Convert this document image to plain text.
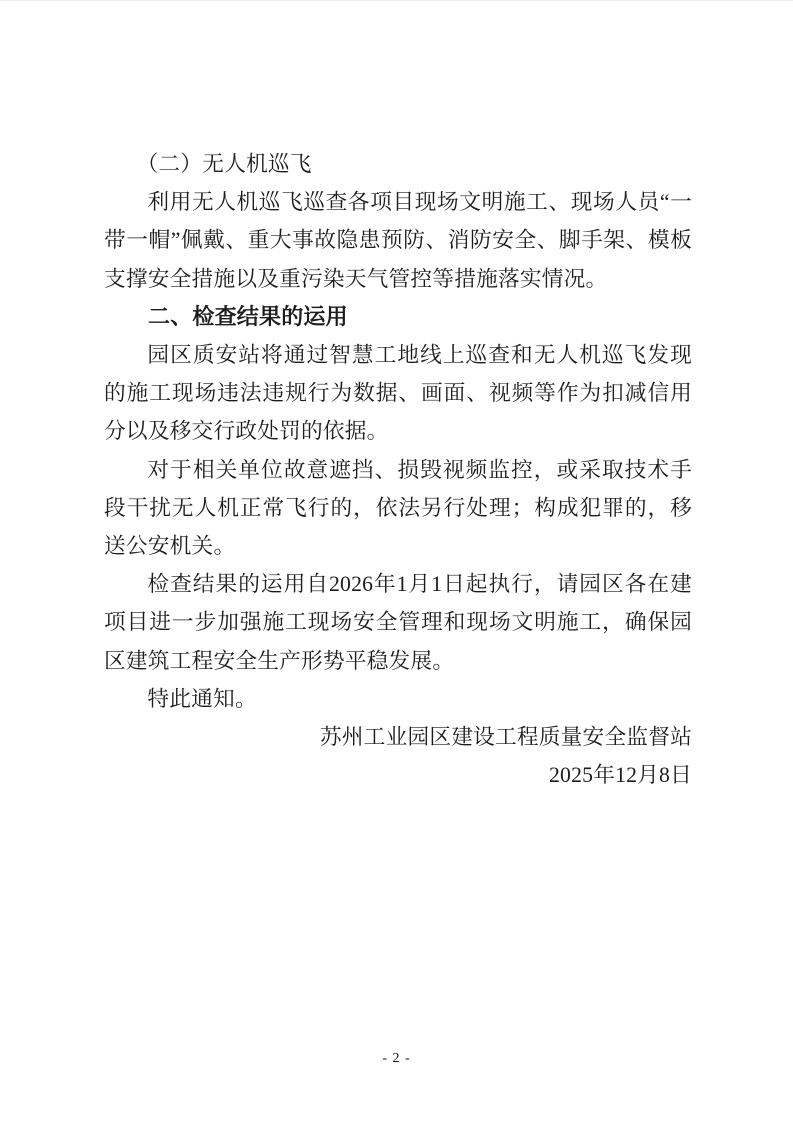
（二）无人机巡飞

利用无人机巡飞巡查各项目现场文明施工、现场人员“一带一帽”佩戴、重大事故隐患预防、消防安全、脚手架、模板支撑安全措施以及重污染天气管控等措施落实情况。

二、检查结果的运用

园区质安站将通过智慧工地线上巡查和无人机巡飞发现的施工现场违法违规行为数据、画面、视频等作为扣减信用分以及移交行政处罚的依据。

对于相关单位故意遮挡、损毁视频监控，或采取技术手段干扰无人机正常飞行的，依法另行处理；构成犯罪的，移送公安机关。

检查结果的运用自2026年1月1日起执行，请园区各在建项目进一步加强施工现场安全管理和现场文明施工，确保园区建筑工程安全生产形势平稳发展。

特此通知。

苏州工业园区建设工程质量安全监督站

2025年12月8日

- 2 -
